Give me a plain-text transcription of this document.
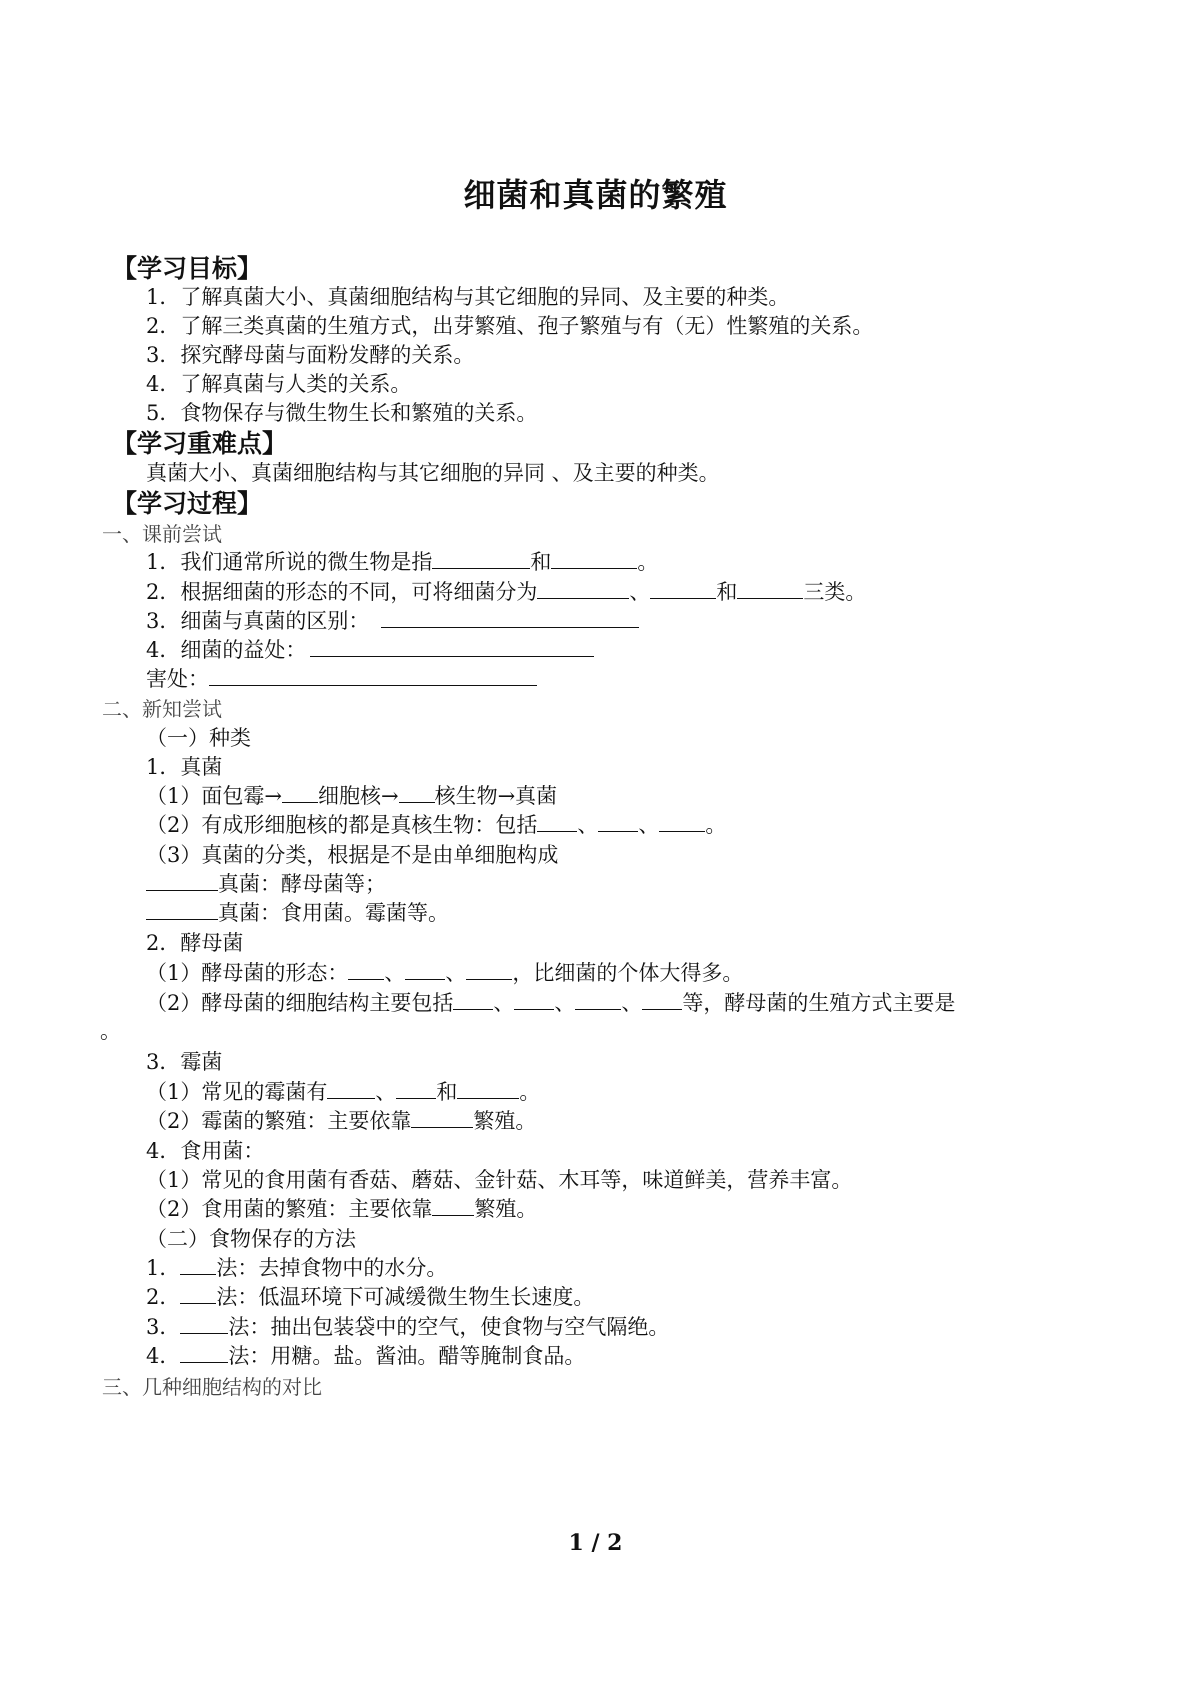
细菌和真菌的繁殖
【学习目标】
1．了解真菌大小、真菌细胞结构与其它细胞的异同、及主要的种类。
2．了解三类真菌的生殖方式，出芽繁殖、孢子繁殖与有（无）性繁殖的关系。
3．探究酵母菌与面粉发酵的关系。
4．了解真菌与人类的关系。
5．食物保存与微生物生长和繁殖的关系。
【学习重难点】
真菌大小、真菌细胞结构与其它细胞的异同 、及主要的种类。
【学习过程】
一、课前尝试
1．我们通常所说的微生物是指	和	。
2．根据细菌的形态的不同，可将细菌分为	、	和	三类。
3．细菌与真菌的区别：
4．细菌的益处：
害处：
二、新知尝试
（一）种类
1．真菌
（1）面包霉→ 细胞核→ 核生物→真菌
（2）有成形细胞核的都是真核生物：包括 、 、 。
（3）真菌的分类，根据是不是由单细胞构成
真菌：酵母菌等；
真菌：食用菌。霉菌等。
2．酵母菌
（1）酵母菌的形态： 、 、 ，比细菌的个体大得多。
（2）酵母菌的细胞结构主要包括 、 、 、 等，酵母菌的生殖方式主要是
。
3．霉菌
（1）常见的霉菌有 、 和	。
（2）霉菌的繁殖：主要依靠	繁殖。
4．食用菌：
（1）常见的食用菌有香菇、蘑菇、金针菇、木耳等，味道鲜美，营养丰富。
（2）食用菌的繁殖：主要依靠 繁殖。
（二）食物保存的方法
1． 法：去掉食物中的水分。
2． 法：低温环境下可减缓微生物生长速度。
3． 法：抽出包装袋中的空气，使食物与空气隔绝。
4． 法：用糖。盐。酱油。醋等腌制食品。
三、几种细胞结构的对比
1 / 2
